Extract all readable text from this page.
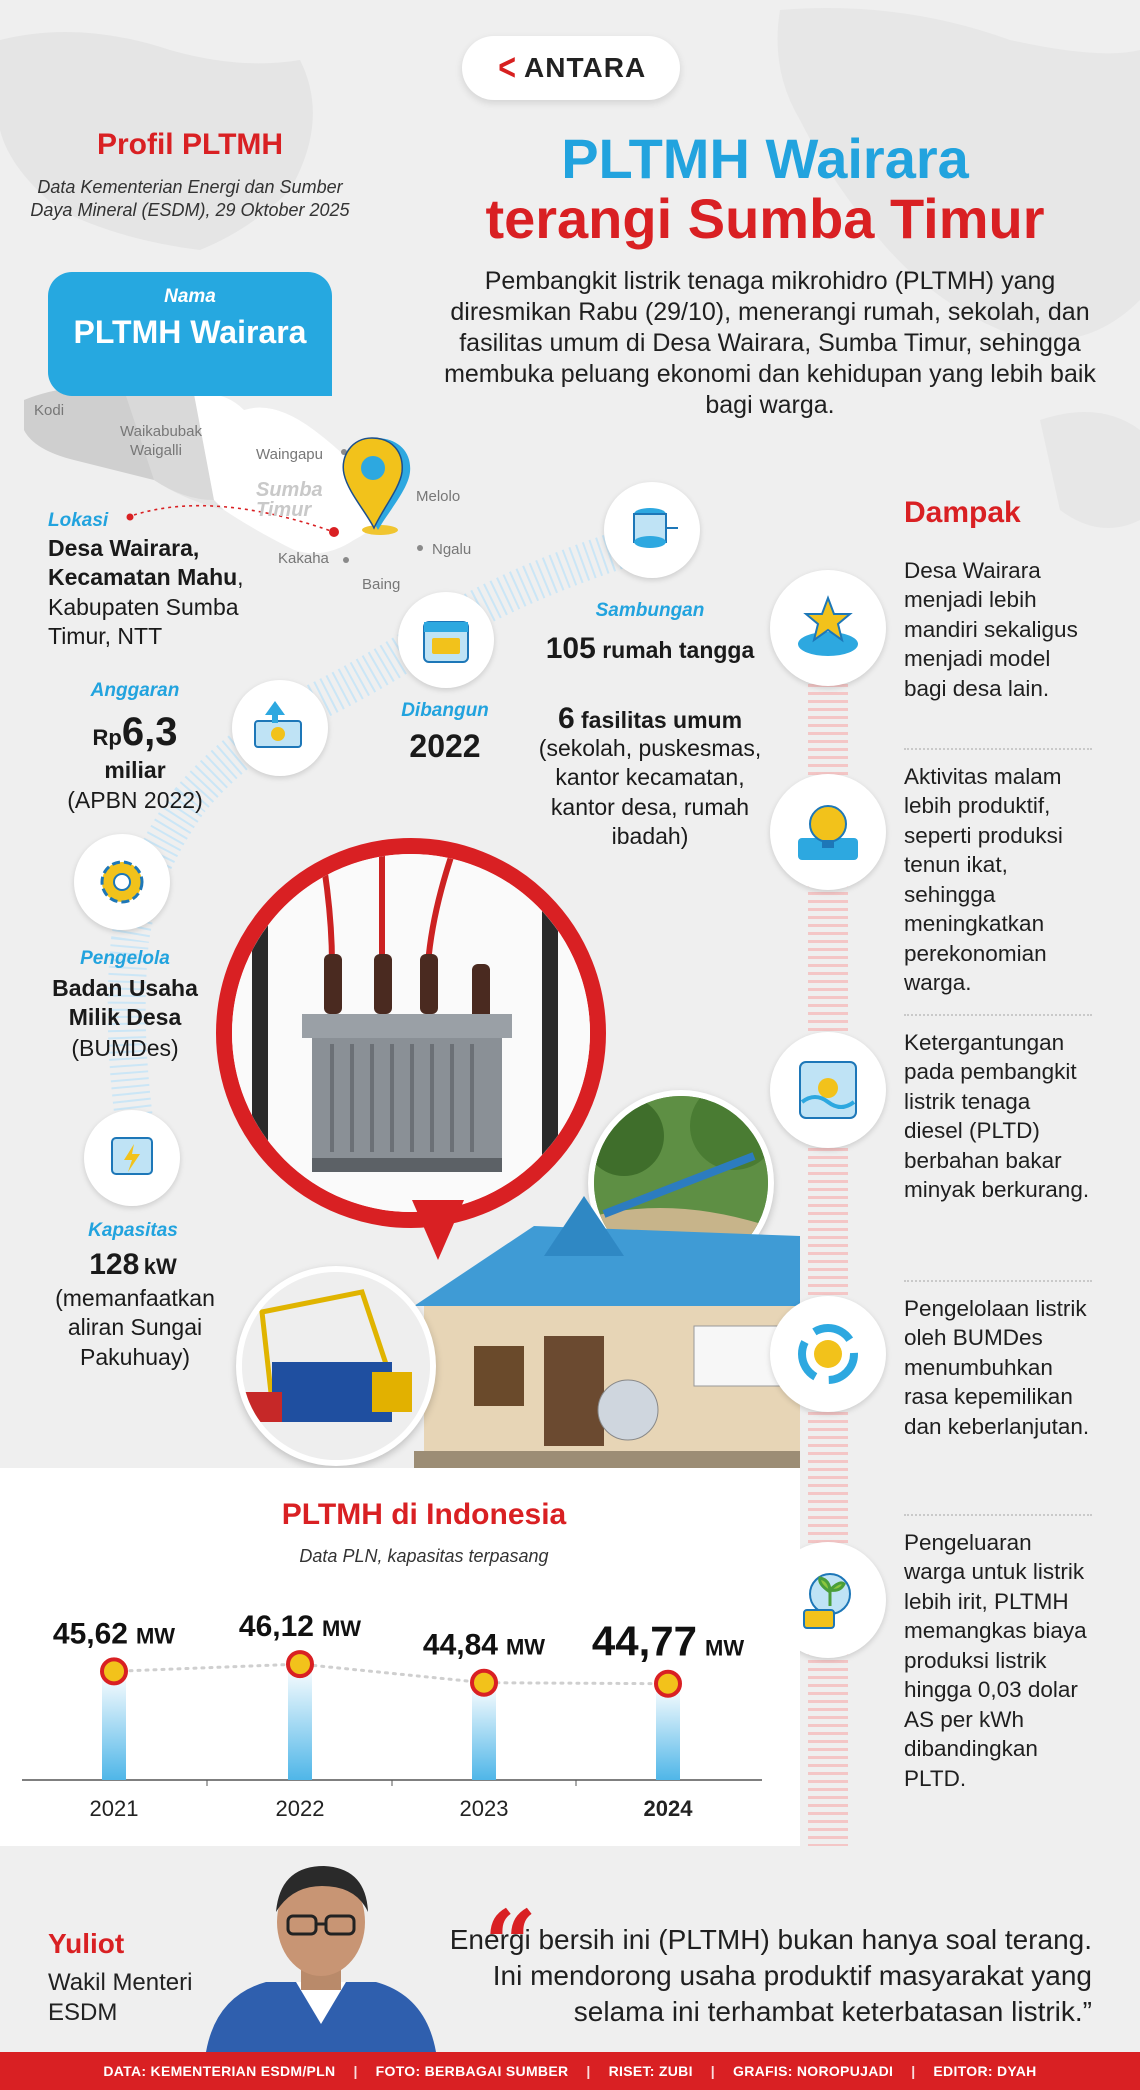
< ANTARA
PLTMH Wairara
terangi Sumba Timur
Pembangkit listrik tenaga mikrohidro (PLTMH) yang diresmikan Rabu (29/10), menerangi rumah, sekolah, dan fasilitas umum di Desa Wairara, Sumba Timur, sehingga membuka peluang ekonomi dan kehidupan yang lebih baik bagi warga.
Profil PLTMH
Data Kementerian Energi dan Sumber Daya Mineral (ESDM), 29 Oktober 2025
Kodi
Waikabubak
Waigalli	Waingapu
Melolo
Ngalu
Kakaha
Baing
Sumba
Timur
Nama
PLTMH Wairara
Lokasi
Desa Wairara, Kecamatan Mahu, Kabupaten Sumba Timur, NTT
Anggaran
Rp6,3
miliar
(APBN 2022)
Dibangun
2022
Sambungan
105 rumah tangga
6 fasilitas umum
(sekolah, puskesmas, kantor kecamatan, kantor desa, rumah ibadah)
Pengelola
Badan Usaha Milik Desa
(BUMDes)
Kapasitas
128 kW
(memanfaatkan aliran Sungai Pakuhuay)
Dampak
Desa Wairara menjadi lebih mandiri sekaligus menjadi model bagi desa lain.
Aktivitas malam lebih produktif, seperti produksi tenun ikat, sehingga meningkatkan perekonomian warga.
Ketergantungan pada pembangkit listrik tenaga diesel (PLTD) berbahan bakar minyak berkurang.
Pengelolaan listrik oleh BUMDes menumbuhkan rasa kepemilikan dan keberlanjutan.
Pengeluaran warga untuk listrik lebih irit, PLTMH memangkas biaya produksi listrik hingga 0,03 dolar AS per kWh dibandingkan PLTD.
PLTMH di Indonesia
Data PLN, kapasitas terpasang
45,62 MW
2021
46,12 MW
2022
44,84 MW
2023
44,77 MW
2024
Yuliot
Wakil Menteri ESDM
“
Energi bersih ini (PLTMH) bukan hanya soal terang. Ini mendorong usaha produktif masyarakat yang selama ini terhambat keterbatasan listrik.”
DATA: KEMENTERIAN ESDM/PLN | FOTO: BERBAGAI SUMBER | RISET: ZUBI | GRAFIS: NOROPUJADI | EDITOR: DYAH
